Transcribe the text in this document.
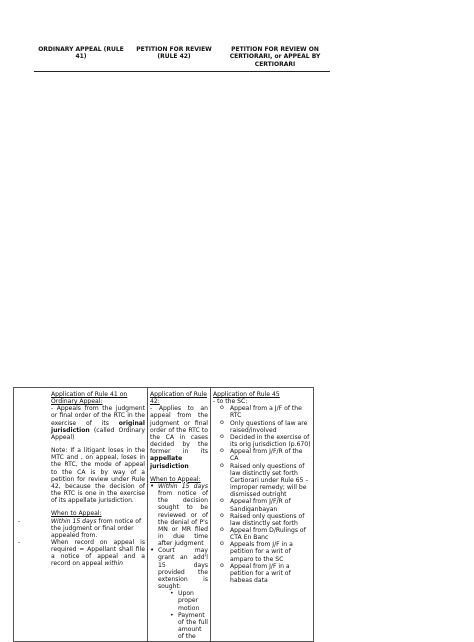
ORDINARY APPEAL (RULE 41)	PETITION FOR REVIEW (RULE 42)	PETITION FOR REVIEW ON CERTIORARI, or APPEAL BY CERTIORARI
Application of Rule 41 on Ordinary Appeal:
- Appeals from the judgment or final order of the RTC in the exercise of its original jurisdiction (called Ordinary Appeal)
Note: If a litigant loses in the MTC and , on appeal, loses in the RTC, the mode of appeal to the CA is by way of a petition for review under Rule 42, because the decision of the RTC is one in the exercise of its appellate jurisdiction.
When to Appeal:
-	Within 15 days from notice of the judgment or final order appealed from.
-	When record on appeal is required = Appellant shall file a notice of appeal and a record on appeal within

Application of Rule 42:
- Applies to an appeal from the judgment or final order of the RTC to the CA in cases decided by the former in its appellate jurisdiction
When to Appeal:
• Within 15 days from notice of the decision sought to be reviewed or of the denial of P's MN or MR filed in due time after judgment
• Court may grant an add'l 15 days provided the extension is sought:
• Upon proper motion
• Payment of the full amount of the

Application of Rule 45
- to the SC:
o Appeal from a J/F of the RTC
o Only questions of law are raised/involved
o Decided in the exercise of its orig jurisdiction (p.670)
o Appeal from J/F/R of the CA
o Raised only questions of law distinctly set forth
Certiorari under Rule 65 – improper remedy; will be dismissed outright
o Appeal from J/F/R of Sandiganbayan
o Raised only questions of law distinctly set forth
o Appeal from D/Rulings of CTA En Banc
o Appeals from J/F in a petition for a writ of amparo to the SC
o Appeal from J/F in a petition for a writ of habeas data
